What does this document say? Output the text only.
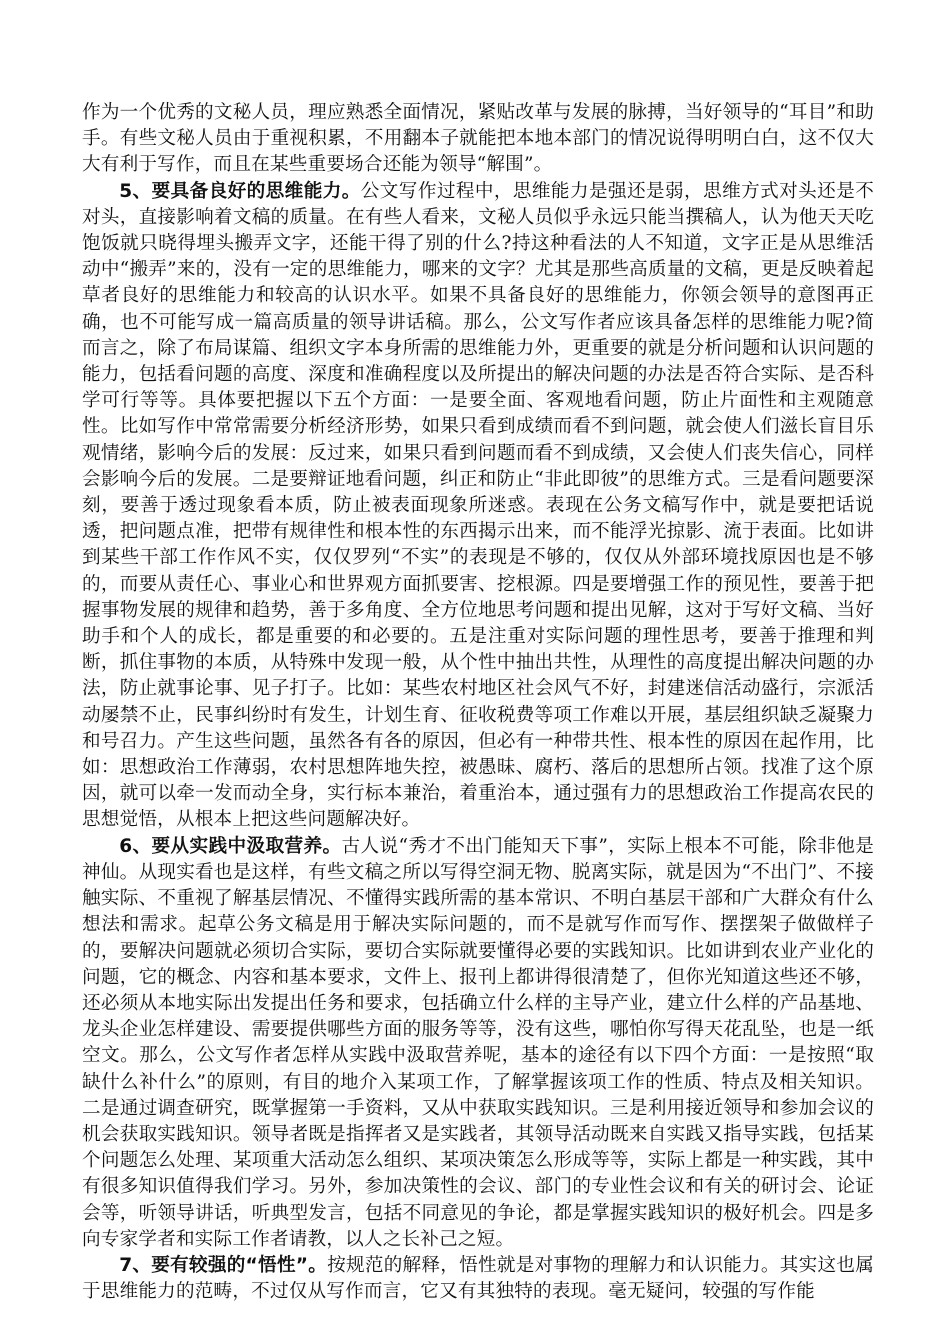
作为一个优秀的文秘人员，理应熟悉全面情况，紧贴改革与发展的脉搏，当好领导的“耳目”和助手。有些文秘人员由于重视积累，不用翻本子就能把本地本部门的情况说得明明白白，这不仅大大有利于写作，而且在某些重要场合还能为领导“解围”。

5、要具备良好的思维能力。公文写作过程中，思维能力是强还是弱，思维方式对头还是不对头，直接影响着文稿的质量。在有些人看来，文秘人员似乎永远只能当撰稿人，认为他天天吃饱饭就只晓得埋头搬弄文字，还能干得了别的什么?持这种看法的人不知道，文字正是从思维活动中“搬弄”来的，没有一定的思维能力，哪来的文字？尤其是那些高质量的文稿，更是反映着起草者良好的思维能力和较高的认识水平。如果不具备良好的思维能力，你领会领导的意图再正确，也不可能写成一篇高质量的领导讲话稿。那么，公文写作者应该具备怎样的思维能力呢?简而言之，除了布局谋篇、组织文字本身所需的思维能力外，更重要的就是分析问题和认识问题的能力，包括看问题的高度、深度和准确程度以及所提出的解决问题的办法是否符合实际、是否科学可行等等。具体要把握以下五个方面：一是要全面、客观地看问题，防止片面性和主观随意性。比如写作中常常需要分析经济形势，如果只看到成绩而看不到问题，就会使人们滋长盲目乐观情绪，影响今后的发展：反过来，如果只看到问题而看不到成绩，又会使人们丧失信心，同样会影响今后的发展。二是要辩证地看问题，纠正和防止“非此即彼”的思维方式。三是看问题要深刻，要善于透过现象看本质，防止被表面现象所迷惑。表现在公务文稿写作中，就是要把话说透，把问题点准，把带有规律性和根本性的东西揭示出来，而不能浮光掠影、流于表面。比如讲到某些干部工作作风不实，仅仅罗列“不实”的表现是不够的，仅仅从外部环境找原因也是不够的，而要从责任心、事业心和世界观方面抓要害、挖根源。四是要增强工作的预见性，要善于把握事物发展的规律和趋势，善于多角度、全方位地思考问题和提出见解，这对于写好文稿、当好助手和个人的成长，都是重要的和必要的。五是注重对实际问题的理性思考，要善于推理和判断，抓住事物的本质，从特殊中发现一般，从个性中抽出共性，从理性的高度提出解决问题的办法，防止就事论事、见子打子。比如：某些农村地区社会风气不好，封建迷信活动盛行，宗派活动屡禁不止，民事纠纷时有发生，计划生育、征收税费等项工作难以开展，基层组织缺乏凝聚力和号召力。产生这些问题，虽然各有各的原因，但必有一种带共性、根本性的原因在起作用，比如：思想政治工作薄弱，农村思想阵地失控，被愚昧、腐朽、落后的思想所占领。找准了这个原因，就可以牵一发而动全身，实行标本兼治，着重治本，通过强有力的思想政治工作提高农民的思想觉悟，从根本上把这些问题解决好。

6、要从实践中汲取营养。古人说“秀才不出门能知天下事”，实际上根本不可能，除非他是神仙。从现实看也是这样，有些文稿之所以写得空洞无物、脱离实际，就是因为“不出门”、不接触实际、不重视了解基层情况、不懂得实践所需的基本常识、不明白基层干部和广大群众有什么想法和需求。起草公务文稿是用于解决实际问题的，而不是就写作而写作、摆摆架子做做样子的，要解决问题就必须切合实际，要切合实际就要懂得必要的实践知识。比如讲到农业产业化的问题，它的概念、内容和基本要求，文件上、报刊上都讲得很清楚了，但你光知道这些还不够，还必须从本地实际出发提出任务和要求，包括确立什么样的主导产业，建立什么样的产品基地、龙头企业怎样建设、需要提供哪些方面的服务等等，没有这些，哪怕你写得天花乱坠，也是一纸空文。那么，公文写作者怎样从实践中汲取营养呢，基本的途径有以下四个方面：一是按照“取缺什么补什么”的原则，有目的地介入某项工作，了解掌握该项工作的性质、特点及相关知识。二是通过调查研究，既掌握第一手资料，又从中获取实践知识。三是利用接近领导和参加会议的机会获取实践知识。领导者既是指挥者又是实践者，其领导活动既来自实践又指导实践，包括某个问题怎么处理、某项重大活动怎么组织、某项决策怎么形成等等，实际上都是一种实践，其中有很多知识值得我们学习。另外，参加决策性的会议、部门的专业性会议和有关的研讨会、论证会等，听领导讲话，听典型发言，包括不同意见的争论，都是掌握实践知识的极好机会。四是多向专家学者和实际工作者请教，以人之长补己之短。

7、要有较强的“悟性”。按规范的解释，悟性就是对事物的理解力和认识能力。其实这也属于思维能力的范畴，不过仅从写作而言，它又有其独特的表现。毫无疑问，较强的写作能
